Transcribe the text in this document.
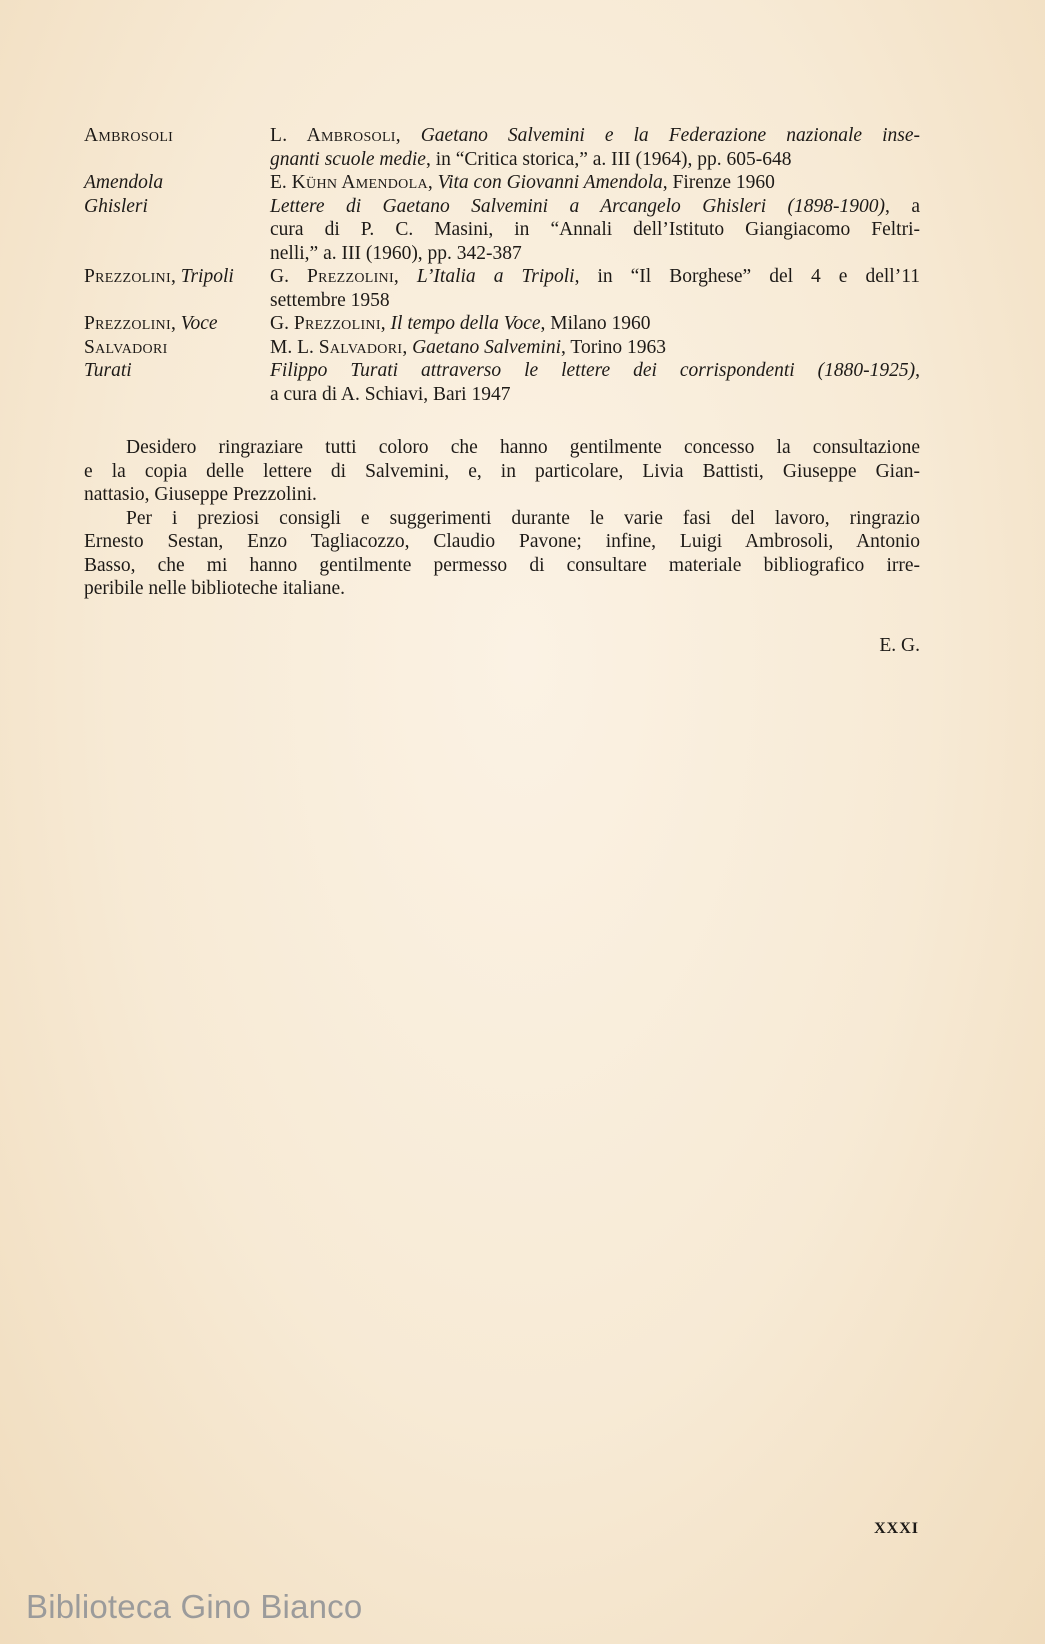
Ambrosoli	L. Ambrosoli, Gaetano Salvemini e la Federazione nazionale inse-
gnanti scuole medie, in “Critica storica,” a. III (1964), pp. 605-648
Amendola	E. Kühn Amendola, Vita con Giovanni Amendola, Firenze 1960
Ghisleri	Lettere di Gaetano Salvemini a Arcangelo Ghisleri (1898-1900), a
cura di P. C. Masini, in “Annali dell’Istituto Giangiacomo Feltri-
nelli,” a. III (1960), pp. 342-387
Prezzolini, Tripoli	G. Prezzolini, L’Italia a Tripoli, in “Il Borghese” del 4 e dell’11
settembre 1958
Prezzolini, Voce	G. Prezzolini, Il tempo della Voce, Milano 1960
Salvadori	M. L. Salvadori, Gaetano Salvemini, Torino 1963
Turati	Filippo Turati attraverso le lettere dei corrispondenti (1880-1925),
a cura di A. Schiavi, Bari 1947
Desidero ringraziare tutti coloro che hanno gentilmente concesso la consultazione
e la copia delle lettere di Salvemini, e, in particolare, Livia Battisti, Giuseppe Gian-
nattasio, Giuseppe Prezzolini.
Per i preziosi consigli e suggerimenti durante le varie fasi del lavoro, ringrazio
Ernesto Sestan, Enzo Tagliacozzo, Claudio Pavone; infine, Luigi Ambrosoli, Antonio
Basso, che mi hanno gentilmente permesso di consultare materiale bibliografico irre-
peribile nelle biblioteche italiane.
E. G.
XXXI
Biblioteca Gino Bianco
